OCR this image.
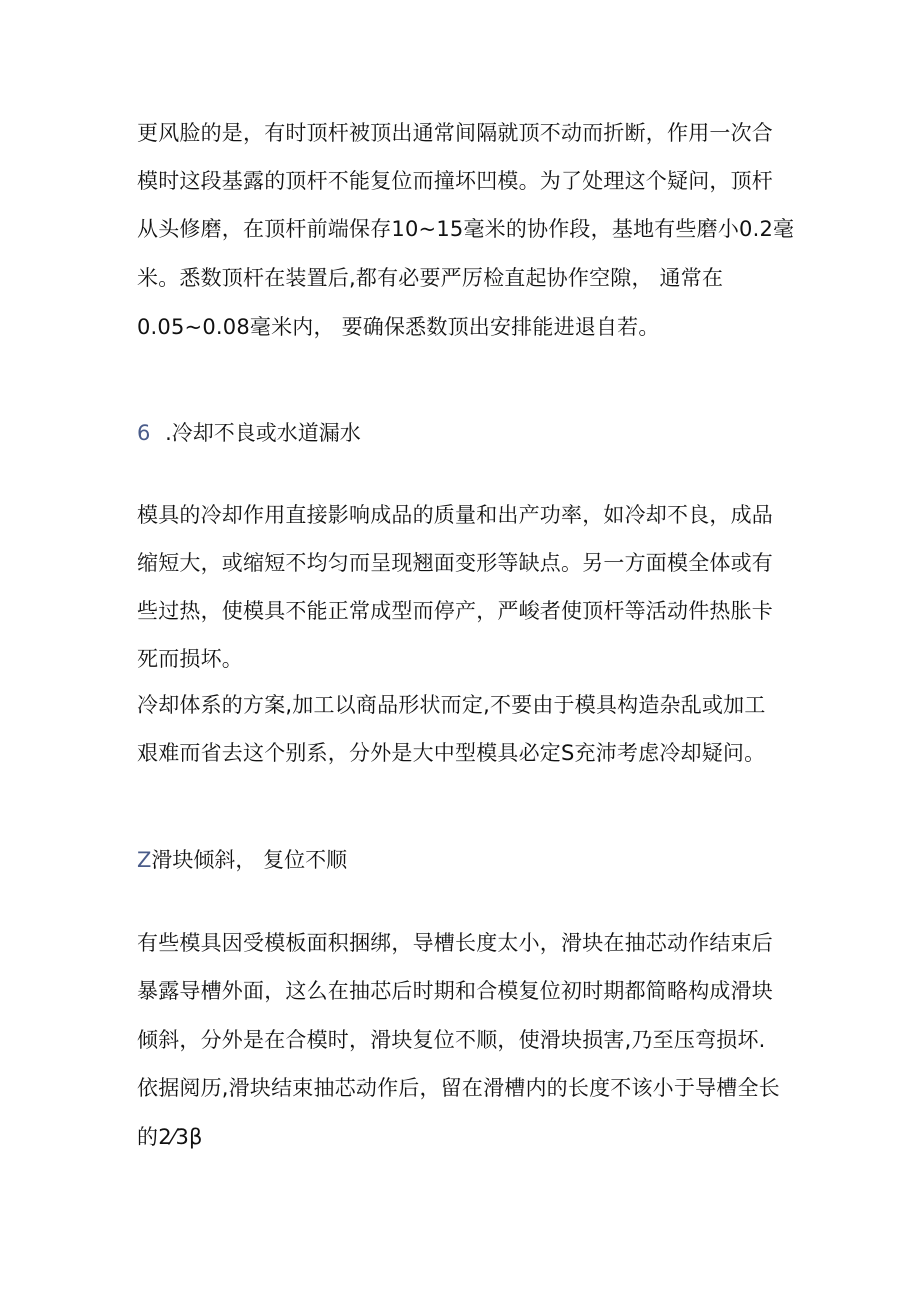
更风脸的是，有时顶杆被顶出通常间隔就顶不动而折断，作用一次合
模时这段基露的顶杆不能复位而撞坏凹模。为了处理这个疑问，顶杆
从头修磨，在顶杆前端保存10~15毫米的协作段，基地有些磨小0.2毫
米。悉数顶杆在装置后,都有必要严厉检直起协作空隙， 通常在
0.05~0.08毫米内， 要确保悉数顶出安排能进退自若。
6 .冷却不良或水道漏水
模具的冷却作用直接影响成品的质量和出产功率，如冷却不良，成品
缩短大，或缩短不均匀而呈现翘面变形等缺点。另一方面模全体或有
些过热，使模具不能正常成型而停产，严峻者使顶杆等活动件热胀卡
死而损坏。
冷却体系的方案,加工以商品形状而定,不要由于模具构造杂乱或加工
艰难而省去这个别系，分外是大中型模具必定S充沛考虑冷却疑问。
Z滑块倾斜， 复位不顺
有些模具因受模板面积捆绑，导槽长度太小，滑块在抽芯动作结束后
暴露导槽外面，这么在抽芯后时期和合模复位初时期都简略构成滑块
倾斜，分外是在合模时，滑块复位不顺，使滑块损害,乃至压弯损坏.
依据阅历,滑块结束抽芯动作后，留在滑槽内的长度不该小于导槽全长
的2⁄3β
